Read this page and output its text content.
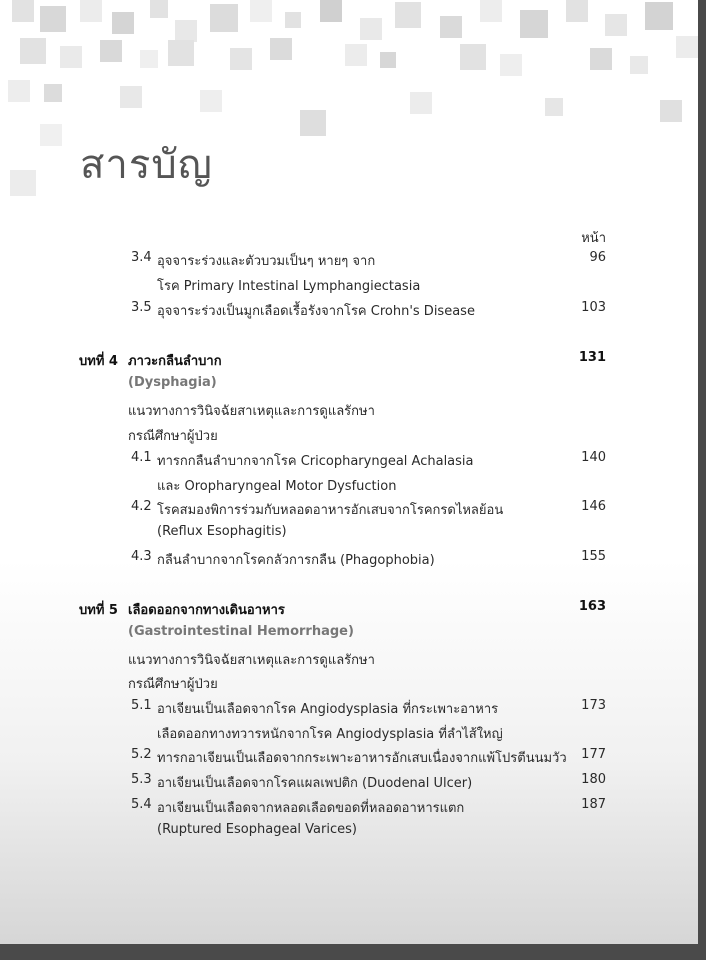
สารบัญ
หน้า
3.4 อุจจาระร่วงและตัวบวมเป็นๆ หายๆ จาก	96
โรค Primary Intestinal Lymphangiectasia
3.5 อุจจาระร่วงเป็นมูกเลือดเรื้อรังจากโรค Crohn's Disease	103
บทที่ 4 ภาวะกลืนลำบาก	131
(Dysphagia)
แนวทางการวินิจฉัยสาเหตุและการดูแลรักษา
กรณีศึกษาผู้ป่วย
4.1 ทารกกลืนลำบากจากโรค Cricopharyngeal Achalasia	140
และ Oropharyngeal Motor Dysfuction
4.2 โรคสมองพิการร่วมกับหลอดอาหารอักเสบจากโรคกรดไหลย้อน	146
(Reflux Esophagitis)
4.3 กลืนลำบากจากโรคกลัวการกลืน (Phagophobia)	155
บทที่ 5 เลือดออกจากทางเดินอาหาร	163
(Gastrointestinal Hemorrhage)
แนวทางการวินิจฉัยสาเหตุและการดูแลรักษา
กรณีศึกษาผู้ป่วย
5.1 อาเจียนเป็นเลือดจากโรค Angiodysplasia ที่กระเพาะอาหาร	173
เลือดออกทางทวารหนักจากโรค Angiodysplasia ที่ลำไส้ใหญ่
5.2 ทารกอาเจียนเป็นเลือดจากกระเพาะอาหารอักเสบเนื่องจากแพ้โปรตีนนมวัว 177
5.3 อาเจียนเป็นเลือดจากโรคแผลเพปติก (Duodenal Ulcer)	180
5.4 อาเจียนเป็นเลือดจากหลอดเลือดขอดที่หลอดอาหารแตก	187
(Ruptured Esophageal Varices)
